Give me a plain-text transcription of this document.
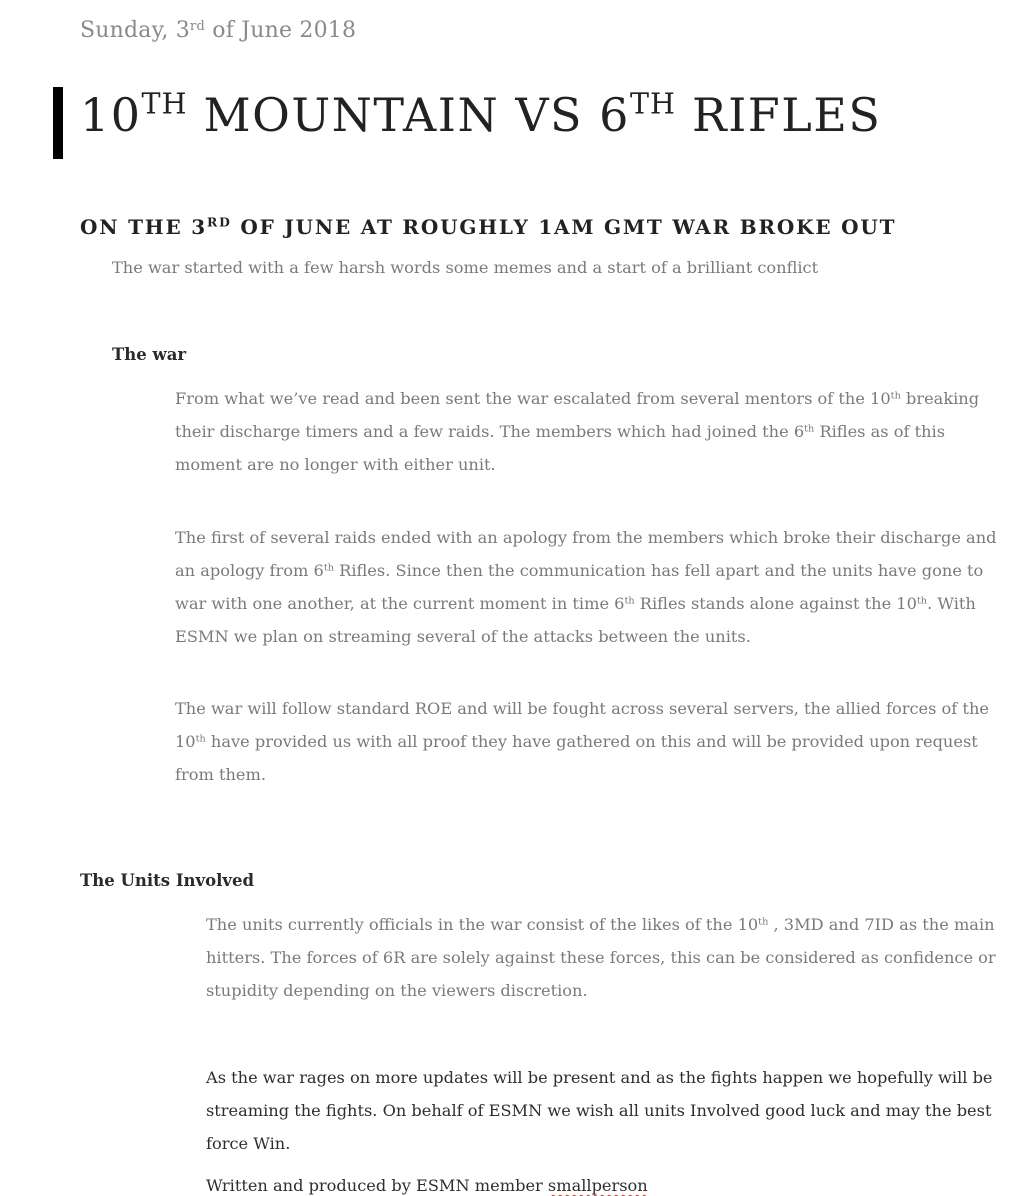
Sunday, 3rd of June 2018
10TH MOUNTAIN VS 6TH RIFLES
ON THE 3RD OF JUNE AT ROUGHLY 1AM GMT WAR BROKE OUT

The war started with a few harsh words some memes and a start of a brilliant conflict

The war
From what we’ve read and been sent the war escalated from several mentors of the 10th breaking
their discharge timers and a few raids. The members which had joined the 6th Rifles as of this
moment are no longer with either unit.
The first of several raids ended with an apology from the members which broke their discharge and
an apology from 6th Rifles. Since then the communication has fell apart and the units have gone to
war with one another, at the current moment in time 6th Rifles stands alone against the 10th. With
ESMN we plan on streaming several of the attacks between the units.
The war will follow standard ROE and will be fought across several servers, the allied forces of the
10th have provided us with all proof they have gathered on this and will be provided upon request
from them.
The Units Involved
The units currently officials in the war consist of the likes of the 10th , 3MD and 7ID as the main
hitters. The forces of 6R are solely against these forces, this can be considered as confidence or
stupidity depending on the viewers discretion.
As the war rages on more updates will be present and as the fights happen we hopefully will be
streaming the fights. On behalf of ESMN we wish all units Involved good luck and may the best
force Win.
Written and produced by ESMN member smallperson
